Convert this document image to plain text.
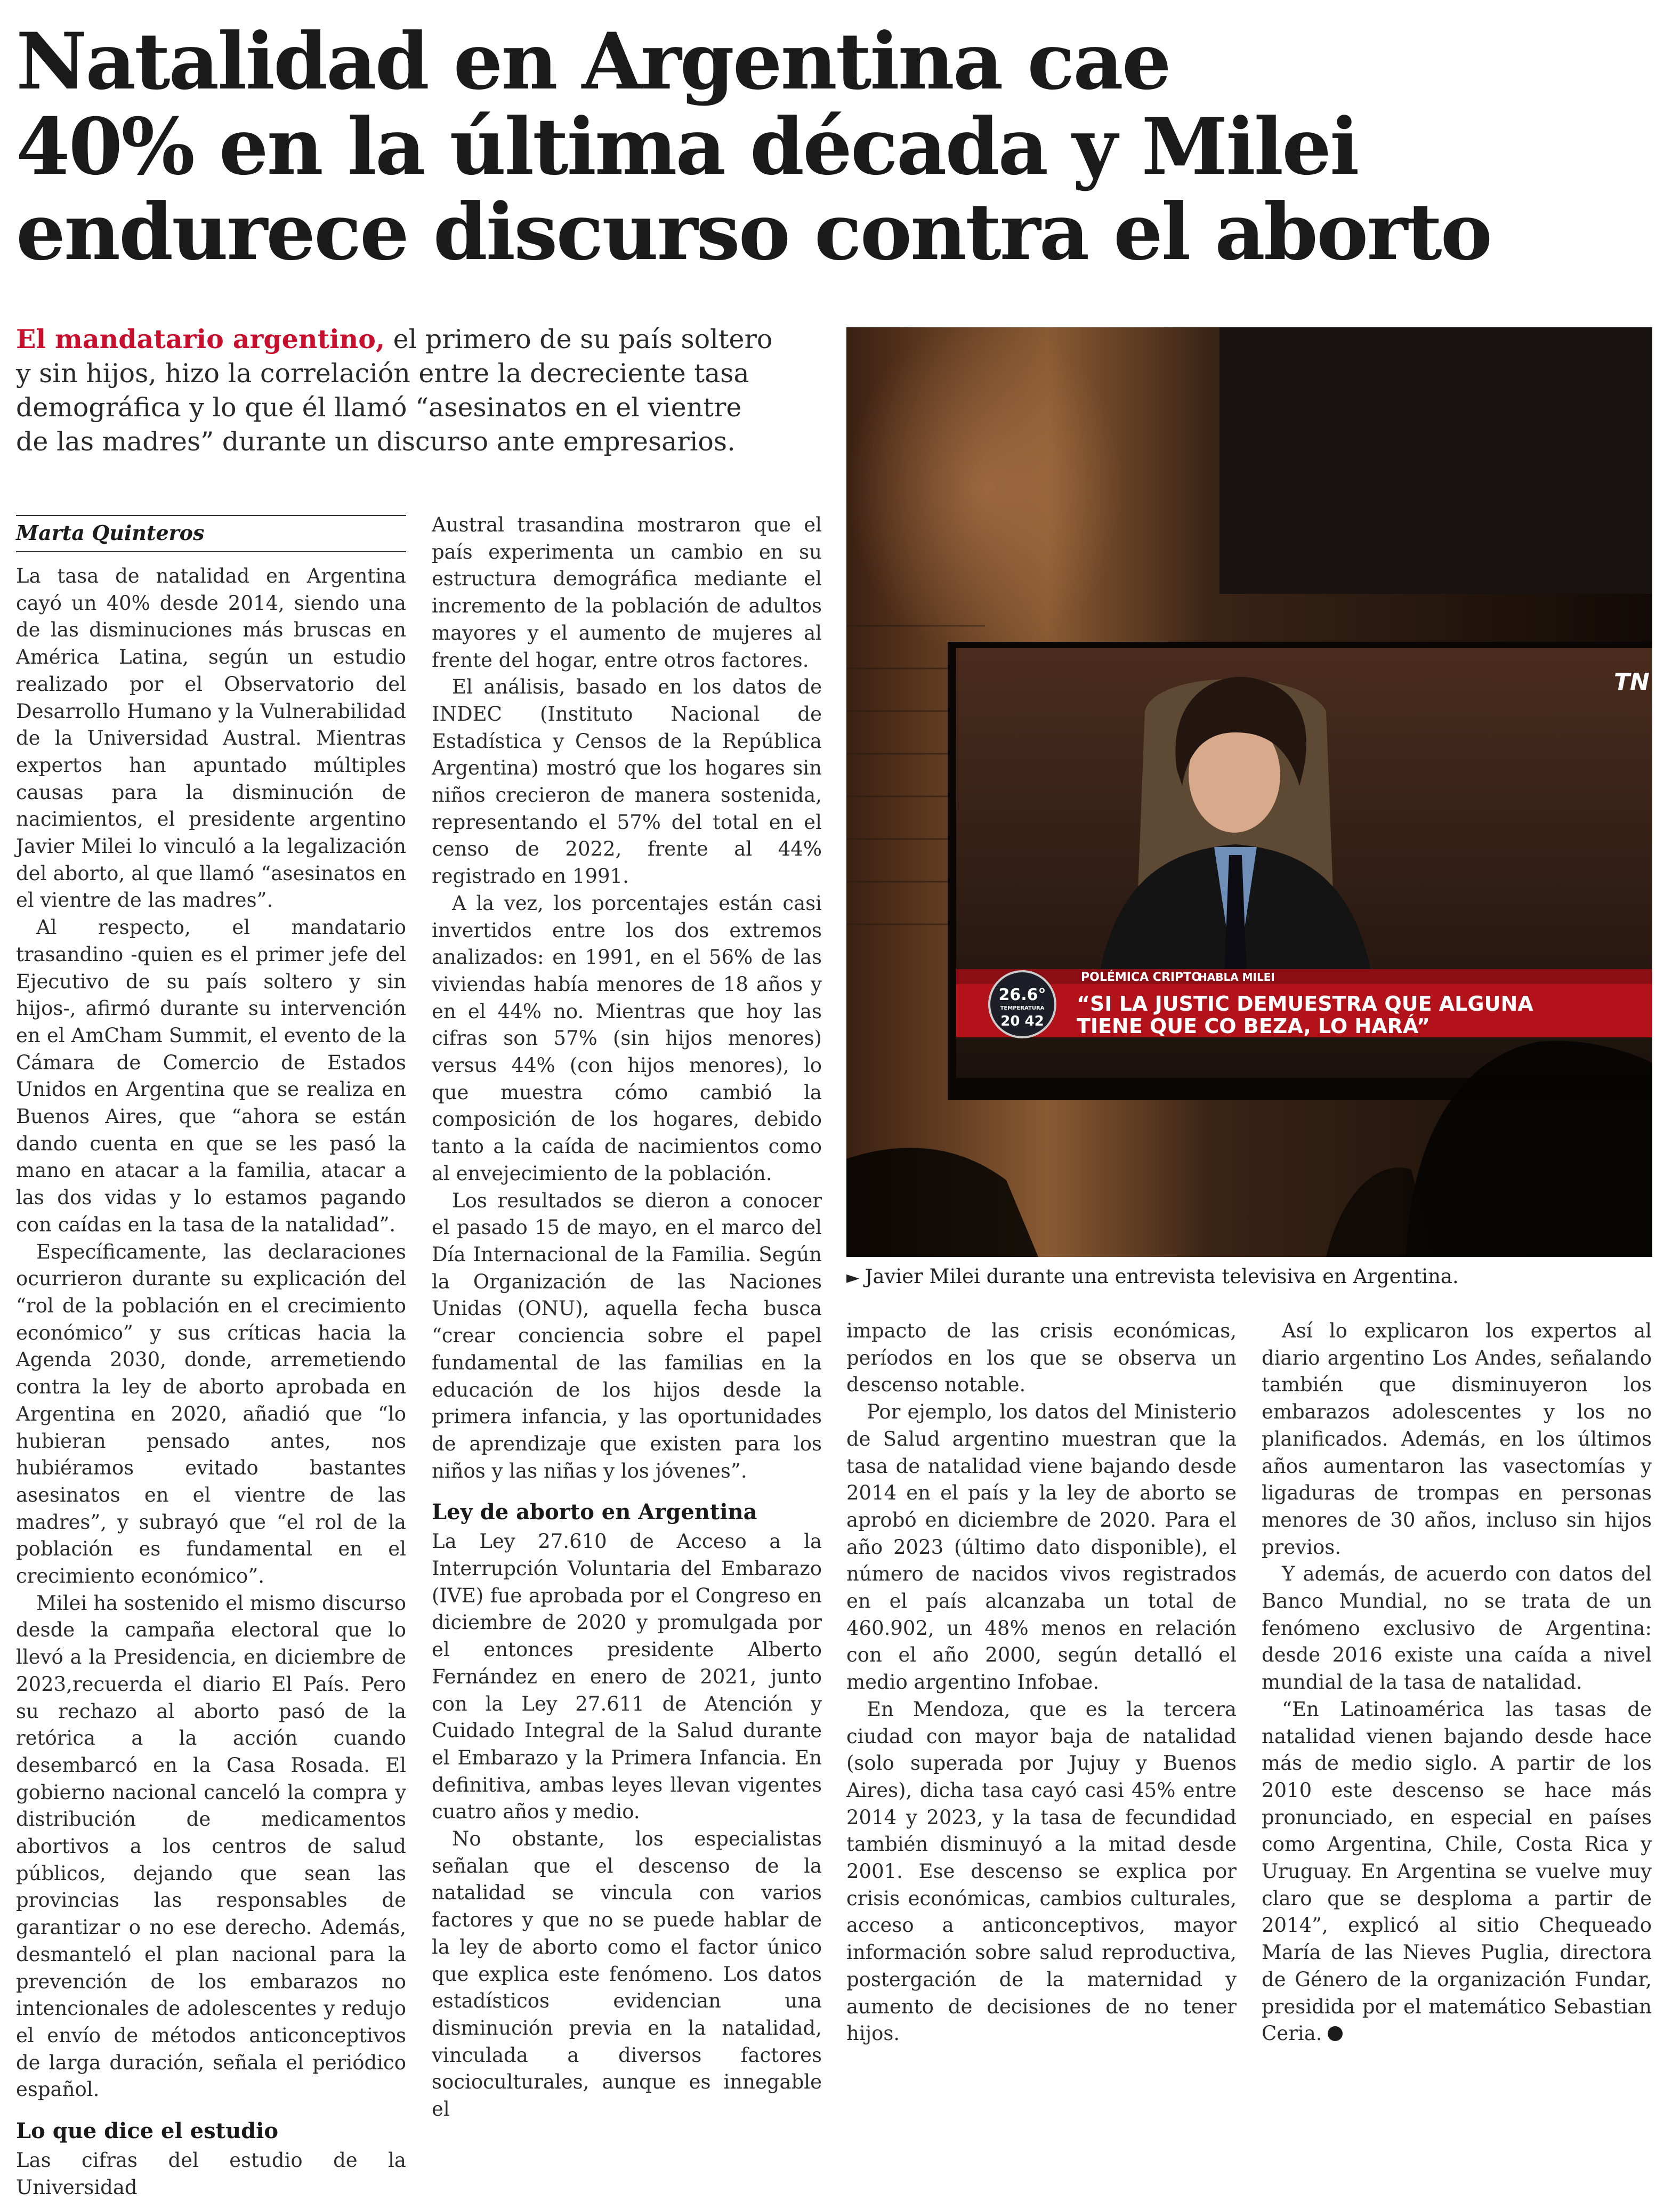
Natalidad en Argentina cae
40% en la última década y Milei
endurece discurso contra el aborto

El mandatario argentino, el primero de su país soltero
y sin hijos, hizo la correlación entre la decreciente tasa
demográfica y lo que él llamó “asesinatos en el vientre
de las madres” durante un discurso ante empresarios.

Marta Quinteros

La tasa de natalidad en Argentina cayó un 40% desde 2014, siendo una de las disminuciones más bruscas en América Latina, según un estudio realizado por el Observatorio del Desarrollo Humano y la Vulnerabilidad de la Universidad Austral. Mientras expertos han apuntado múltiples causas para la disminución de nacimientos, el presidente argentino Javier Milei lo vinculó a la legalización del aborto, al que llamó “asesinatos en el vientre de las madres”.

Al respecto, el mandatario trasandino -quien es el primer jefe del Ejecutivo de su país soltero y sin hijos-, afirmó durante su intervención en el AmCham Summit, el evento de la Cámara de Comercio de Estados Unidos en Argentina que se realiza en Buenos Aires, que “ahora se están dando cuenta en que se les pasó la mano en atacar a la familia, atacar a las dos vidas y lo estamos pagando con caídas en la tasa de la natalidad”.

Específicamente, las declaraciones ocurrieron durante su explicación del “rol de la población en el crecimiento económico” y sus críticas hacia la Agenda 2030, donde, arremetiendo contra la ley de aborto aprobada en Argentina en 2020, añadió que “lo hubieran pensado antes, nos hubiéramos evitado bastantes asesinatos en el vientre de las madres”, y subrayó que “el rol de la población es fundamental en el crecimiento económico”.

Milei ha sostenido el mismo discurso desde la campaña electoral que lo llevó a la Presidencia, en diciembre de 2023,recuerda el diario El País. Pero su rechazo al aborto pasó de la retórica a la acción cuando desembarcó en la Casa Rosada. El gobierno nacional canceló la compra y distribución de medicamentos abortivos a los centros de salud públicos, dejando que sean las provincias las responsables de garantizar o no ese derecho. Además, desmanteló el plan nacional para la prevención de los embarazos no intencionales de adolescentes y redujo el envío de métodos anticonceptivos de larga duración, señala el periódico español.

Lo que dice el estudio

Las cifras del estudio de la Universidad

Austral trasandina mostraron que el país experimenta un cambio en su estructura demográfica mediante el incremento de la población de adultos mayores y el aumento de mujeres al frente del hogar, entre otros factores.

El análisis, basado en los datos de INDEC (Instituto Nacional de Estadística y Censos de la República Argentina) mostró que los hogares sin niños crecieron de manera sostenida, representando el 57% del total en el censo de 2022, frente al 44% registrado en 1991.

A la vez, los porcentajes están casi invertidos entre los dos extremos analizados: en 1991, en el 56% de las viviendas había menores de 18 años y en el 44% no. Mientras que hoy las cifras son 57% (sin hijos menores) versus 44% (con hijos menores), lo que muestra cómo cambió la composición de los hogares, debido tanto a la caída de nacimientos como al envejecimiento de la población.

Los resultados se dieron a conocer el pasado 15 de mayo, en el marco del Día Internacional de la Familia. Según la Organización de las Naciones Unidas (ONU), aquella fecha busca “crear conciencia sobre el papel fundamental de las familias en la educación de los hijos desde la primera infancia, y las oportunidades de aprendizaje que existen para los niños y las niñas y los jóvenes”.

Ley de aborto en Argentina

La Ley 27.610 de Acceso a la Interrupción Voluntaria del Embarazo (IVE) fue aprobada por el Congreso en diciembre de 2020 y promulgada por el entonces presidente Alberto Fernández en enero de 2021, junto con la Ley 27.611 de Atención y Cuidado Integral de la Salud durante el Embarazo y la Primera Infancia. En definitiva, ambas leyes llevan vigentes cuatro años y medio.

No obstante, los especialistas señalan que el descenso de la natalidad se vincula con varios factores y que no se puede hablar de la ley de aborto como el factor único que explica este fenómeno. Los datos estadísticos evidencian una disminución previa en la natalidad, vinculada a diversos factores socioculturales, aunque es innegable el

26.6°
TEMPERATURA
20 42
POLÉMICA CRIPTO
HABLA MILEI
“SI LA JUSTIC DEMUESTRA QUE ALGUNA
TIENE QUE CO BEZA, LO HARÁ”
TN

► Javier Milei durante una entrevista televisiva en Argentina.

impacto de las crisis económicas, períodos en los que se observa un descenso notable.

Por ejemplo, los datos del Ministerio de Salud argentino muestran que la tasa de natalidad viene bajando desde 2014 en el país y la ley de aborto se aprobó en diciembre de 2020. Para el año 2023 (último dato disponible), el número de nacidos vivos registrados en el país alcanzaba un total de 460.902, un 48% menos en relación con el año 2000, según detalló el medio argentino Infobae.

En Mendoza, que es la tercera ciudad con mayor baja de natalidad (solo superada por Jujuy y Buenos Aires), dicha tasa cayó casi 45% entre 2014 y 2023, y la tasa de fecundidad también disminuyó a la mitad desde 2001. Ese descenso se explica por crisis económicas, cambios culturales, acceso a anticonceptivos, mayor información sobre salud reproductiva, postergación de la maternidad y aumento de decisiones de no tener hijos.

Así lo explicaron los expertos al diario argentino Los Andes, señalando también que disminuyeron los embarazos adolescentes y los no planificados. Además, en los últimos años aumentaron las vasectomías y ligaduras de trompas en personas menores de 30 años, incluso sin hijos previos.

Y además, de acuerdo con datos del Banco Mundial, no se trata de un fenómeno exclusivo de Argentina: desde 2016 existe una caída a nivel mundial de la tasa de natalidad.

“En Latinoamérica las tasas de natalidad vienen bajando desde hace más de medio siglo. A partir de los 2010 este descenso se hace más pronunciado, en especial en países como Argentina, Chile, Costa Rica y Uruguay. En Argentina se vuelve muy claro que se desploma a partir de 2014”, explicó al sitio Chequeado María de las Nieves Puglia, directora de Género de la organización Fundar, presidida por el matemático Sebastian Ceria.
